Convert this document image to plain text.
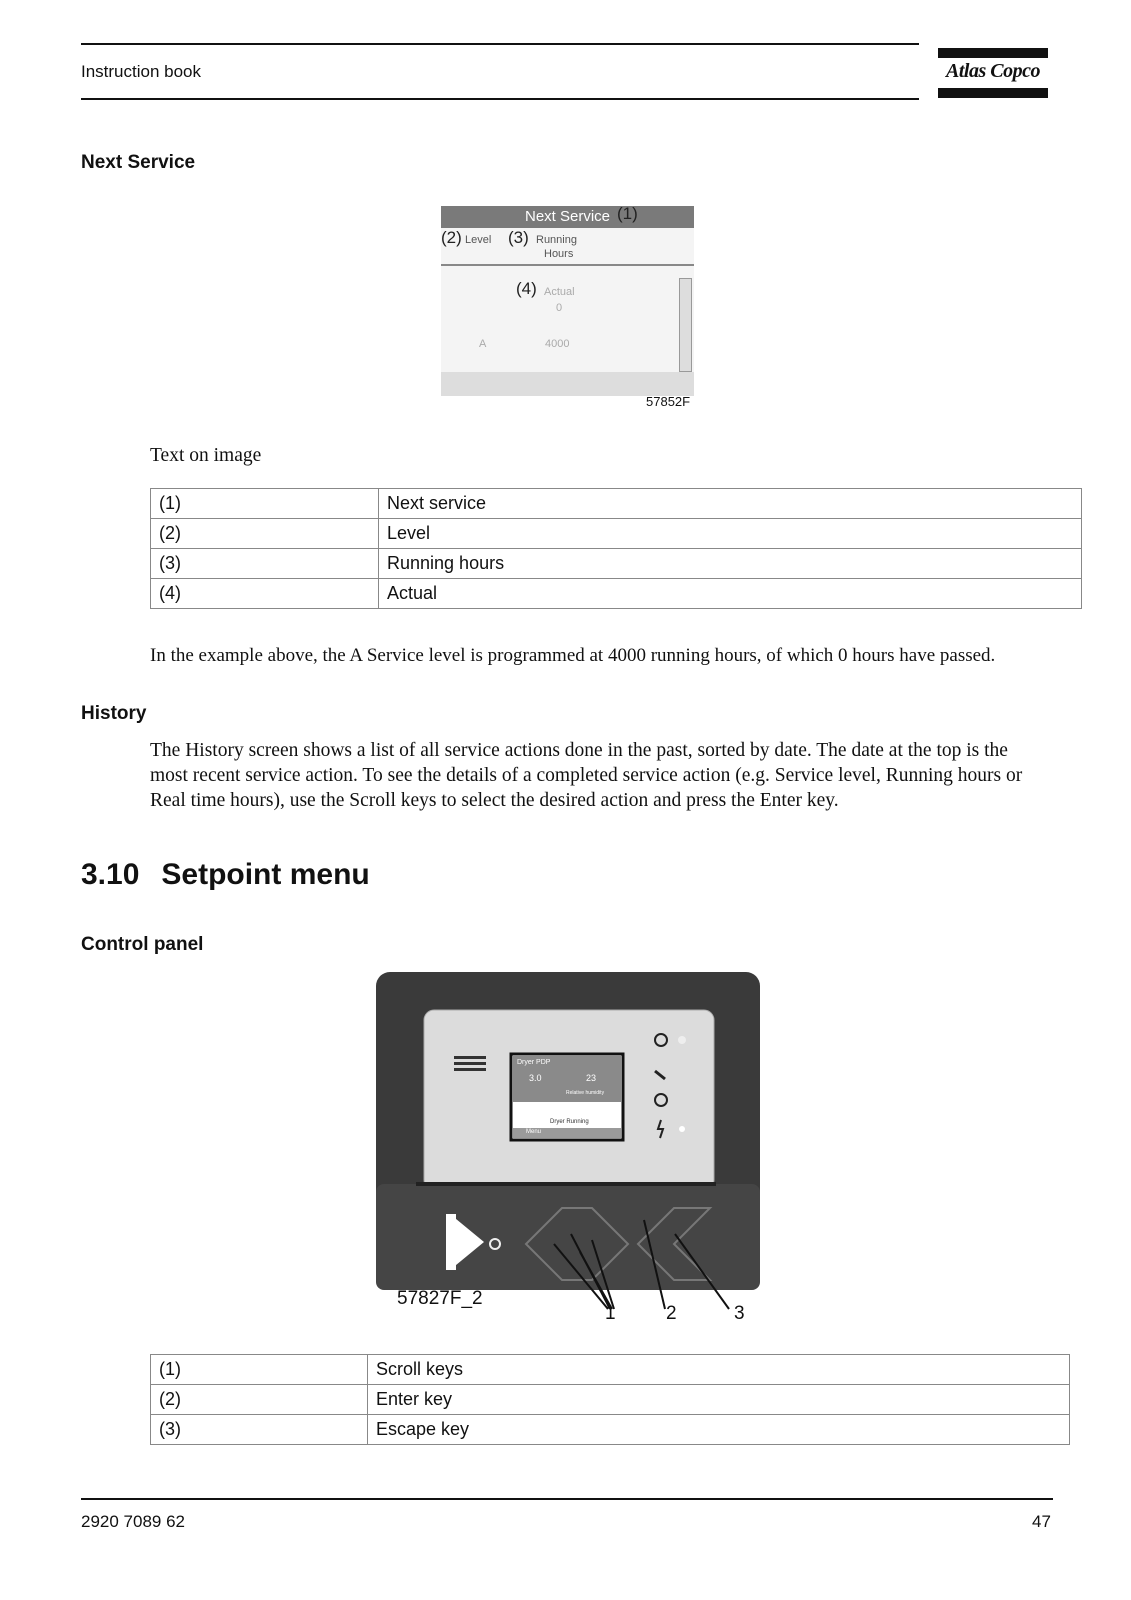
Instruction book	Atlas Copco
Next Service
Next Service (1)
(2) Level (3) Running
Hours
(4) Actual
0
A	4000
57852F
Text on image
(1)	Next service
(2)	Level
(3)	Running hours
(4)	Actual
In the example above, the A Service level is programmed at 4000 running hours, of which 0 hours have passed.
History
The History screen shows a list of all service actions done in the past, sorted by date. The date at the top is the most recent service action. To see the details of a completed service action (e.g. Service level, Running hours or Real time hours), use the Scroll keys to select the desired action and press the Enter key.
3.10 Setpoint menu
Control panel
Dryer PDP
3.0	23
Relative humidity
Dryer Running
Menu
57827F_2
1	2	3
(1)	Scroll keys
(2)	Enter key
(3)	Escape key
2920 7089 62	47
